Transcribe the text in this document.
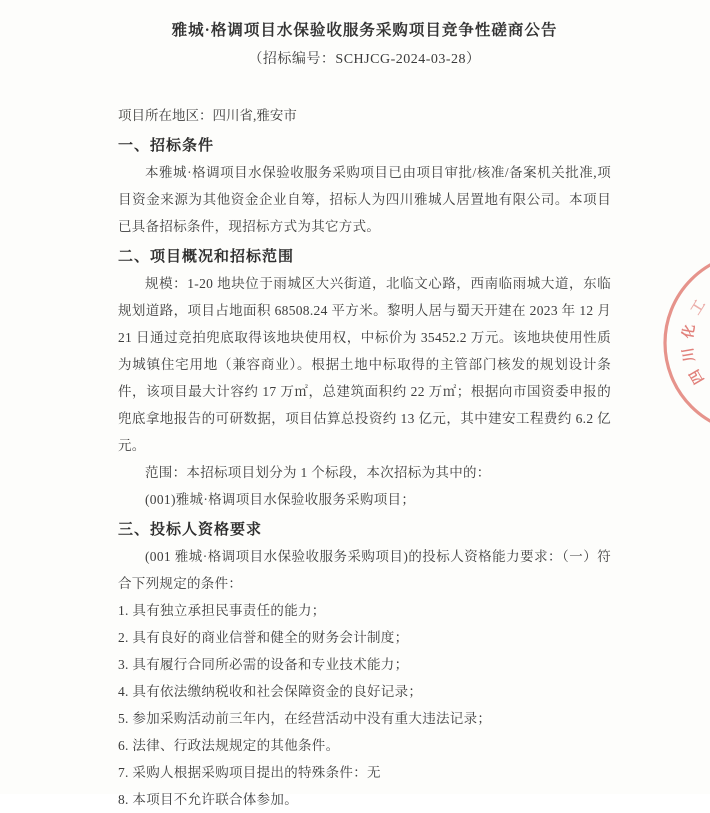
雅城·格调项目水保验收服务采购项目竞争性磋商公告
（招标编号：SCHJCG-2024-03-28）
项目所在地区：四川省,雅安市
一、招标条件

本雅城·格调项目水保验收服务采购项目已由项目审批/核准/备案机关批准,项目资金来源为其他资金企业自筹，招标人为四川雅城人居置地有限公司。本项目已具备招标条件，现招标方式为其它方式。

二、项目概况和招标范围

规模：1-20 地块位于雨城区大兴街道，北临文心路，西南临雨城大道，东临规划道路，项目占地面积 68508.24 平方米。黎明人居与蜀天开建在 2023 年 12 月 21 日通过竞拍兜底取得该地块使用权，中标价为 35452.2 万元。该地块使用性质为城镇住宅用地（兼容商业）。根据土地中标取得的主管部门核发的规划设计条件，该项目最大计容约 17 万㎡，总建筑面积约 22 万㎡；根据向市国资委申报的兜底拿地报告的可研数据，项目估算总投资约 13 亿元，其中建安工程费约 6.2 亿元。

范围：本招标项目划分为 1 个标段，本次招标为其中的：

(001)雅城·格调项目水保验收服务采购项目；

三、投标人资格要求

(001 雅城·格调项目水保验收服务采购项目)的投标人资格能力要求：（一）符合下列规定的条件：

1. 具有独立承担民事责任的能力；

2. 具有良好的商业信誉和健全的财务会计制度；

3. 具有履行合同所必需的设备和专业技术能力；

4. 具有依法缴纳税收和社会保障资金的良好记录；

5. 参加采购活动前三年内，在经营活动中没有重大违法记录；

6. 法律、行政法规规定的其他条件。

7. 采购人根据采购项目提出的特殊条件：无

8. 本项目不允许联合体参加。

四
川
化
工
